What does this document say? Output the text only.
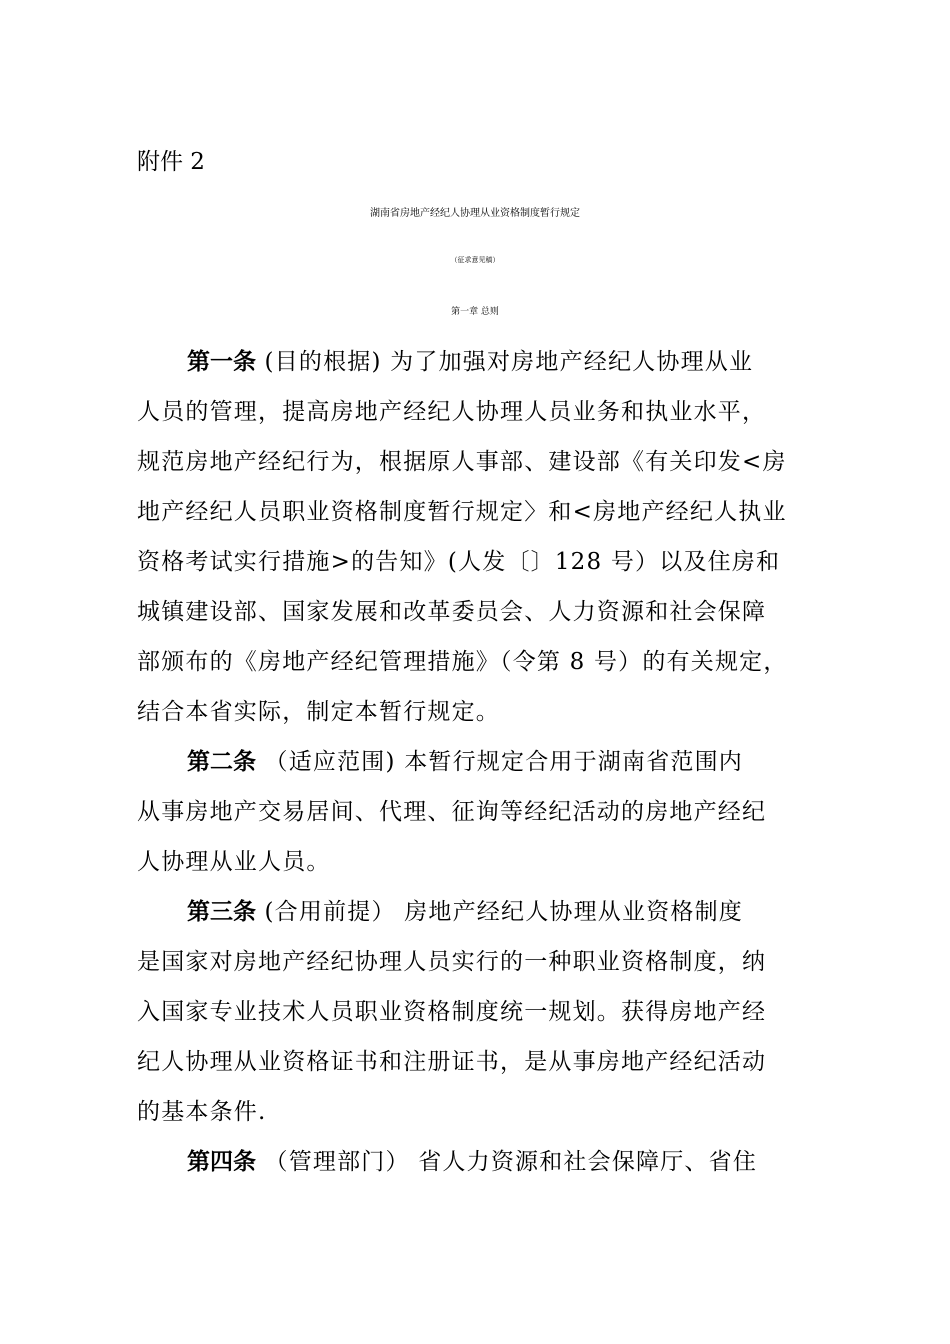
附件 2
湖南省房地产经纪人协理从业资格制度暂行规定
（征求意见稿）
第一章 总则
第一条 (目的根据) 为了加强对房地产经纪人协理从业
人员的管理，提高房地产经纪人协理人员业务和执业水平，
规范房地产经纪行为，根据原人事部、建设部《有关印发<房
地产经纪人员职业资格制度暂行规定〉和<房地产经纪人执业
资格考试实行措施>的告知》(人发〔〕128 号）以及住房和
城镇建设部、国家发展和改革委员会、人力资源和社会保障
部颁布的《房地产经纪管理措施》（令第 8 号）的有关规定，
结合本省实际，制定本暂行规定。
第二条 （适应范围) 本暂行规定合用于湖南省范围内
从事房地产交易居间、代理、征询等经纪活动的房地产经纪
人协理从业人员。
第三条 (合用前提） 房地产经纪人协理从业资格制度
是国家对房地产经纪协理人员实行的一种职业资格制度，纳
入国家专业技术人员职业资格制度统一规划。获得房地产经
纪人协理从业资格证书和注册证书，是从事房地产经纪活动
的基本条件.
第四条 （管理部门） 省人力资源和社会保障厅、省住
